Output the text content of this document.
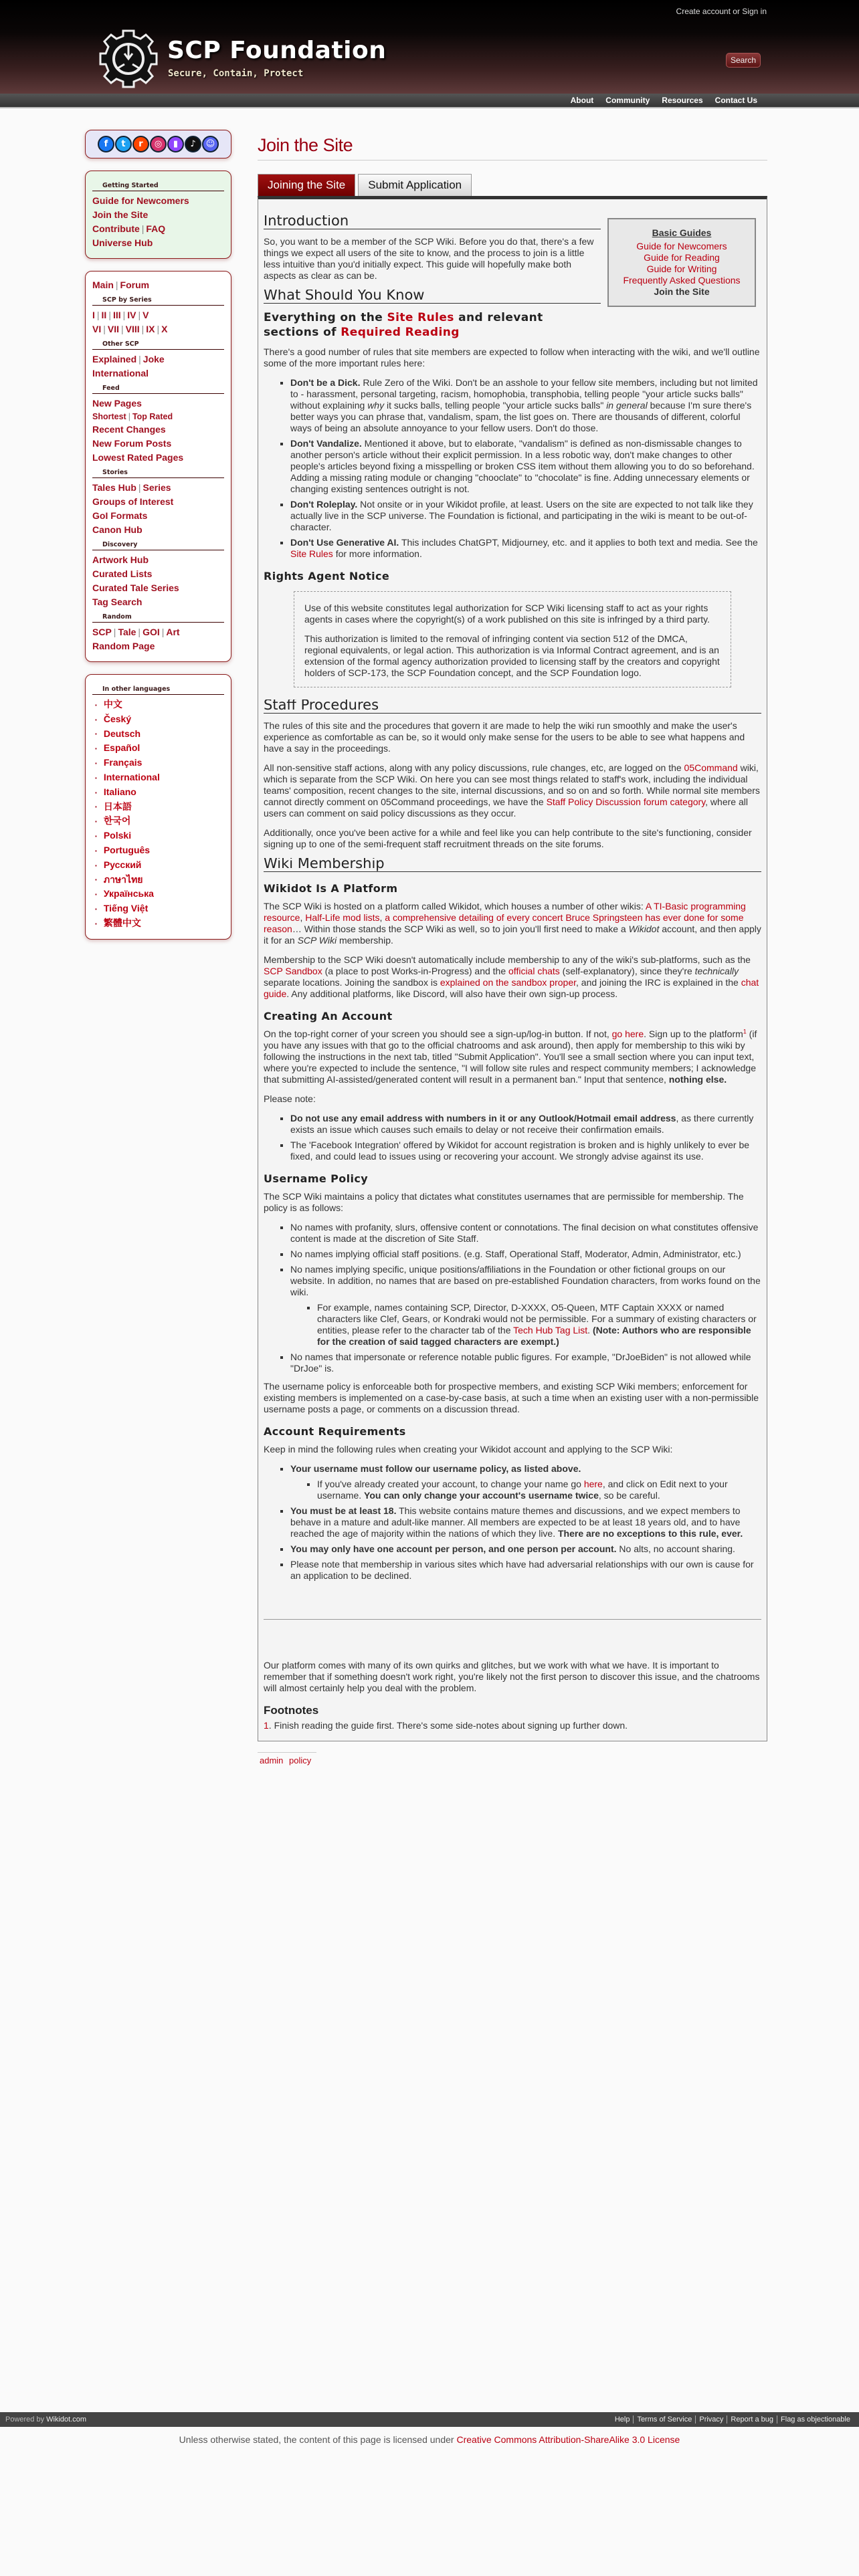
Create account or Sign in
SCP Foundation
Secure, Contain, Protect
Search
About Community Resources Contact Us
f	t	r	◎	▮	♪	☺
Getting Started
Guide for Newcomers
Join the Site
Contribute | FAQ
Universe Hub
Main | Forum
SCP by Series
I | II | III | IV | V
VI | VII | VIII | IX | X
Other SCP
Explained | Joke
International
Feed
New Pages
Shortest | Top Rated
Recent Changes
New Forum Posts
Lowest Rated Pages
Stories
Tales Hub | Series
Groups of Interest
GoI Formats
Canon Hub
Discovery
Artwork Hub
Curated Lists
Curated Tale Series
Tag Search
Random
SCP | Tale | GOI | Art
Random Page
In other languages
▪ 中文
▪ Český
▪ Deutsch
▪ Español
▪ Français
▪ International
▪ Italiano
▪ 日本語
▪ 한국어
▪ Polski
▪ Português
▪ Русский
▪ ภาษาไทย
▪ Українська
▪ Tiếng Việt
▪ 繁體中文
Join the Site
Joining the Site	Submit Application
Basic Guides
Guide for Newcomers
Guide for Reading
Guide for Writing
Frequently Asked Questions
Join the Site
Introduction

So, you want to be a member of the SCP Wiki. Before you do that, there's a few things we expect all users of the site to know, and the process to join is a little less intuitive than you'd initially expect. This guide will hopefully make both aspects as clear as can be.

What Should You Know
Everything on the Site Rules and relevant sections of Required Reading

There's a good number of rules that site members are expected to follow when interacting with the wiki, and we'll outline some of the more important rules here:

▪ Don't be a Dick. Rule Zero of the Wiki. Don't be an asshole to your fellow site members, including but not limited to - harassment, personal targeting, racism, homophobia, transphobia, telling people "your article sucks balls" without explaining why it sucks balls, telling people "your article sucks balls" in general because I'm sure there's better ways you can phrase that, vandalism, spam, the list goes on. There are thousands of different, colorful ways of being an absolute annoyance to your fellow users. Don't do those.
▪ Don't Vandalize. Mentioned it above, but to elaborate, "vandalism" is defined as non-dismissable changes to another person's article without their explicit permission. In a less robotic way, don't make changes to other people's articles beyond fixing a misspelling or broken CSS item without them allowing you to do so beforehand. Adding a missing rating module or changing "chooclate" to "chocolate" is fine. Adding unnecessary elements or changing existing sentences outright is not.
▪ Don't Roleplay. Not onsite or in your Wikidot profile, at least. Users on the site are expected to not talk like they actually live in the SCP universe. The Foundation is fictional, and participating in the wiki is meant to be out-of-character.
▪ Don't Use Generative AI. This includes ChatGPT, Midjourney, etc. and it applies to both text and media. See the Site Rules for more information.
Rights Agent Notice

Use of this website constitutes legal authorization for SCP Wiki licensing staff to act as your rights agents in cases where the copyright(s) of a work published on this site is infringed by a third party.

This authorization is limited to the removal of infringing content via section 512 of the DMCA, regional equivalents, or legal action. This authorization is via Informal Contract agreement, and is an extension of the formal agency authorization provided to licensing staff by the creators and copyright holders of SCP-173, the SCP Foundation concept, and the SCP Foundation logo.

Staff Procedures

The rules of this site and the procedures that govern it are made to help the wiki run smoothly and make the user's experience as comfortable as can be, so it would only make sense for the users to be able to see what happens and have a say in the proceedings.

All non-sensitive staff actions, along with any policy discussions, rule changes, etc, are logged on the 05Command wiki, which is separate from the SCP Wiki. On here you can see most things related to staff's work, including the individual teams' composition, recent changes to the site, internal discussions, and so on and so forth. While normal site members cannot directly comment on 05Command proceedings, we have the Staff Policy Discussion forum category, where all users can comment on said policy discussions as they occur.

Additionally, once you've been active for a while and feel like you can help contribute to the site's functioning, consider signing up to one of the semi-frequent staff recruitment threads on the site forums.

Wiki Membership
Wikidot Is A Platform

The SCP Wiki is hosted on a platform called Wikidot, which houses a number of other wikis: A TI-Basic programming resource, Half-Life mod lists, a comprehensive detailing of every concert Bruce Springsteen has ever done for some reason… Within those stands the SCP Wiki as well, so to join you'll first need to make a Wikidot account, and then apply it for an SCP Wiki membership.

Membership to the SCP Wiki doesn't automatically include membership to any of the wiki's sub-platforms, such as the SCP Sandbox (a place to post Works-in-Progress) and the official chats (self-explanatory), since they're technically separate locations. Joining the sandbox is explained on the sandbox proper, and joining the IRC is explained in the chat guide. Any additional platforms, like Discord, will also have their own sign-up process.

Creating An Account

On the top-right corner of your screen you should see a sign-up/log-in button. If not, go here. Sign up to the platform$^1$ (if you have any issues with that go to the official chatrooms and ask around), then apply for membership to this wiki by following the instructions in the next tab, titled "Submit Application". You'll see a small section where you can input text, where you're expected to include the sentence, "I will follow site rules and respect community members; I acknowledge that submitting AI-assisted/generated content will result in a permanent ban." Input that sentence, nothing else.

Please note:

▪ Do not use any email address with numbers in it or any Outlook/Hotmail email address, as there currently exists an issue which causes such emails to delay or not receive their confirmation emails.
▪ The 'Facebook Integration' offered by Wikidot for account registration is broken and is highly unlikely to ever be fixed, and could lead to issues using or recovering your account. We strongly advise against its use.
Username Policy

The SCP Wiki maintains a policy that dictates what constitutes usernames that are permissible for membership. The policy is as follows:

▪ No names with profanity, slurs, offensive content or connotations. The final decision on what constitutes offensive content is made at the discretion of Site Staff.
▪ No names implying official staff positions. (e.g. Staff, Operational Staff, Moderator, Admin, Administrator, etc.)
▪ No names implying specific, unique positions/affiliations in the Foundation or other fictional groups on our website. In addition, no names that are based on pre-established Foundation characters, from works found on the wiki.
▪ For example, names containing SCP, Director, D-XXXX, O5-Queen, MTF Captain XXXX or named characters like Clef, Gears, or Kondraki would not be permissible. For a summary of existing characters or entities, please refer to the character tab of the Tech Hub Tag List. (Note: Authors who are responsible for the creation of said tagged characters are exempt.)
▪ No names that impersonate or reference notable public figures. For example, "DrJoeBiden" is not allowed while "DrJoe" is.

The username policy is enforceable both for prospective members, and existing SCP Wiki members; enforcement for existing members is implemented on a case-by-case basis, at such a time when an existing user with a non-permissible username posts a page, or comments on a discussion thread.

Account Requirements

Keep in mind the following rules when creating your Wikidot account and applying to the SCP Wiki:

▪ Your username must follow our username policy, as listed above.
▪ If you've already created your account, to change your name go here, and click on Edit next to your username. You can only change your account's username twice, so be careful.
▪ You must be at least 18. This website contains mature themes and discussions, and we expect members to behave in a mature and adult-like manner. All members are expected to be at least 18 years old, and to have reached the age of majority within the nations of which they live. There are no exceptions to this rule, ever.
▪ You may only have one account per person, and one person per account. No alts, no account sharing.
▪ Please note that membership in various sites which have had adversarial relationships with our own is cause for an application to be declined.

Our platform comes with many of its own quirks and glitches, but we work with what we have. It is important to remember that if something doesn't work right, you're likely not the first person to discover this issue, and the chatrooms will almost certainly help you deal with the problem.

Footnotes
1. Finish reading the guide first. There's some side-notes about signing up further down.
admin policy
Powered by Wikidot.com	Help Terms of Service Privacy Report a bug Flag as objectionable
Unless otherwise stated, the content of this page is licensed under Creative Commons Attribution-ShareAlike 3.0 License
